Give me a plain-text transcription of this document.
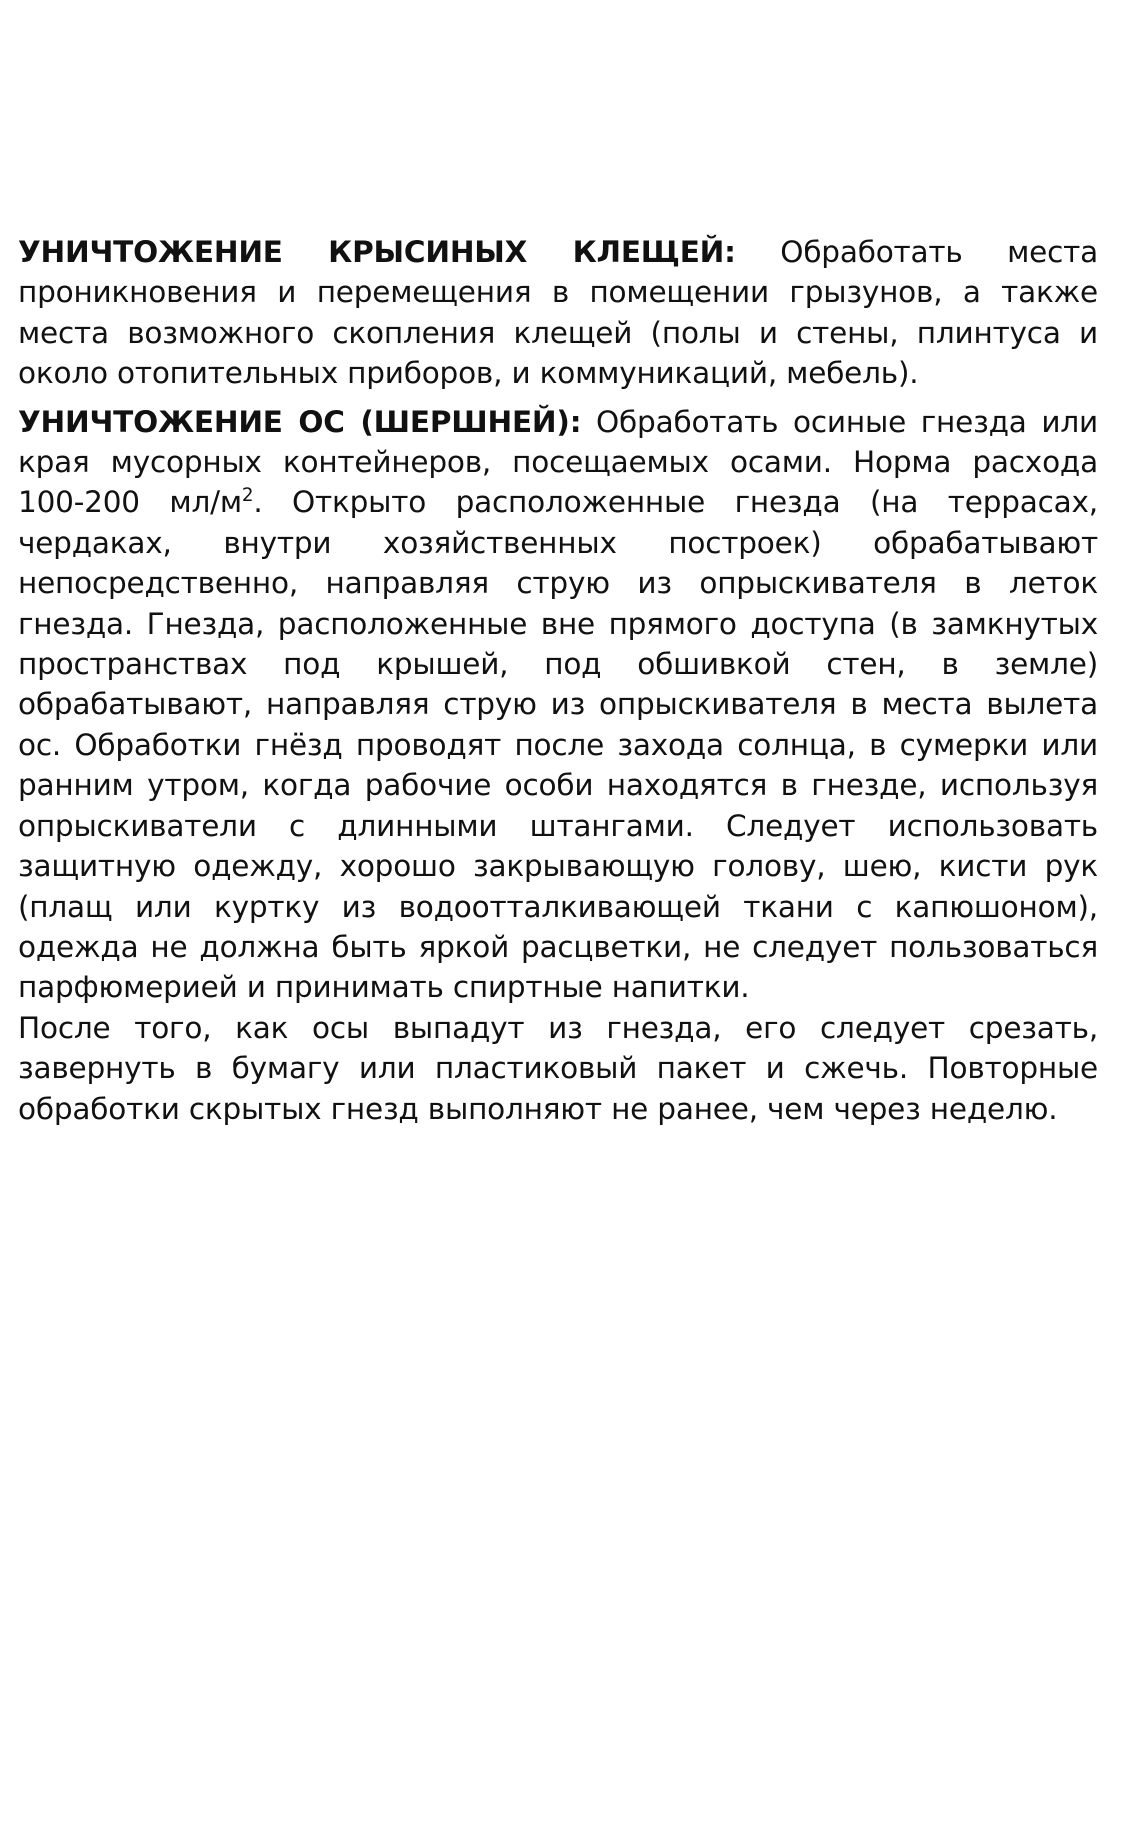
УНИЧТОЖЕНИЕ КРЫСИНЫХ КЛЕЩЕЙ: Обработать места проникновения и перемещения в помещении грызунов, а также места возможного скопления клещей (полы и стены, плинтуса и около отопительных приборов, и коммуникаций, мебель).

УНИЧТОЖЕНИЕ ОС (ШЕРШНЕЙ): Обработать осиные гнезда или края мусорных контейнеров, посещаемых осами. Норма расхода 100-200 $мл/м^2$. Открыто расположенные гнезда (на террасах, чердаках, внутри хозяйственных построек) обрабатывают непосредственно, направляя струю из опрыскивателя в леток гнезда. Гнезда, расположенные вне прямого доступа (в замкнутых пространствах под крышей, под обшивкой стен, в земле) обрабатывают, направляя струю из опрыскивателя в места вылета ос. Обработки гнёзд проводят после захода солнца, в сумерки или ранним утром, когда рабочие особи находятся в гнезде, используя опрыскиватели с длинными штангами. Следует использовать защитную одежду, хорошо закрывающую голову, шею, кисти рук (плащ или куртку из водоотталкивающей ткани с капюшоном), одежда не должна быть яркой расцветки, не следует пользоваться парфюмерией и принимать спиртные напитки.

После того, как осы выпадут из гнезда, его следует срезать, завернуть в бумагу или пластиковый пакет и сжечь. Повторные обработки скрытых гнезд выполняют не ранее, чем через неделю.
